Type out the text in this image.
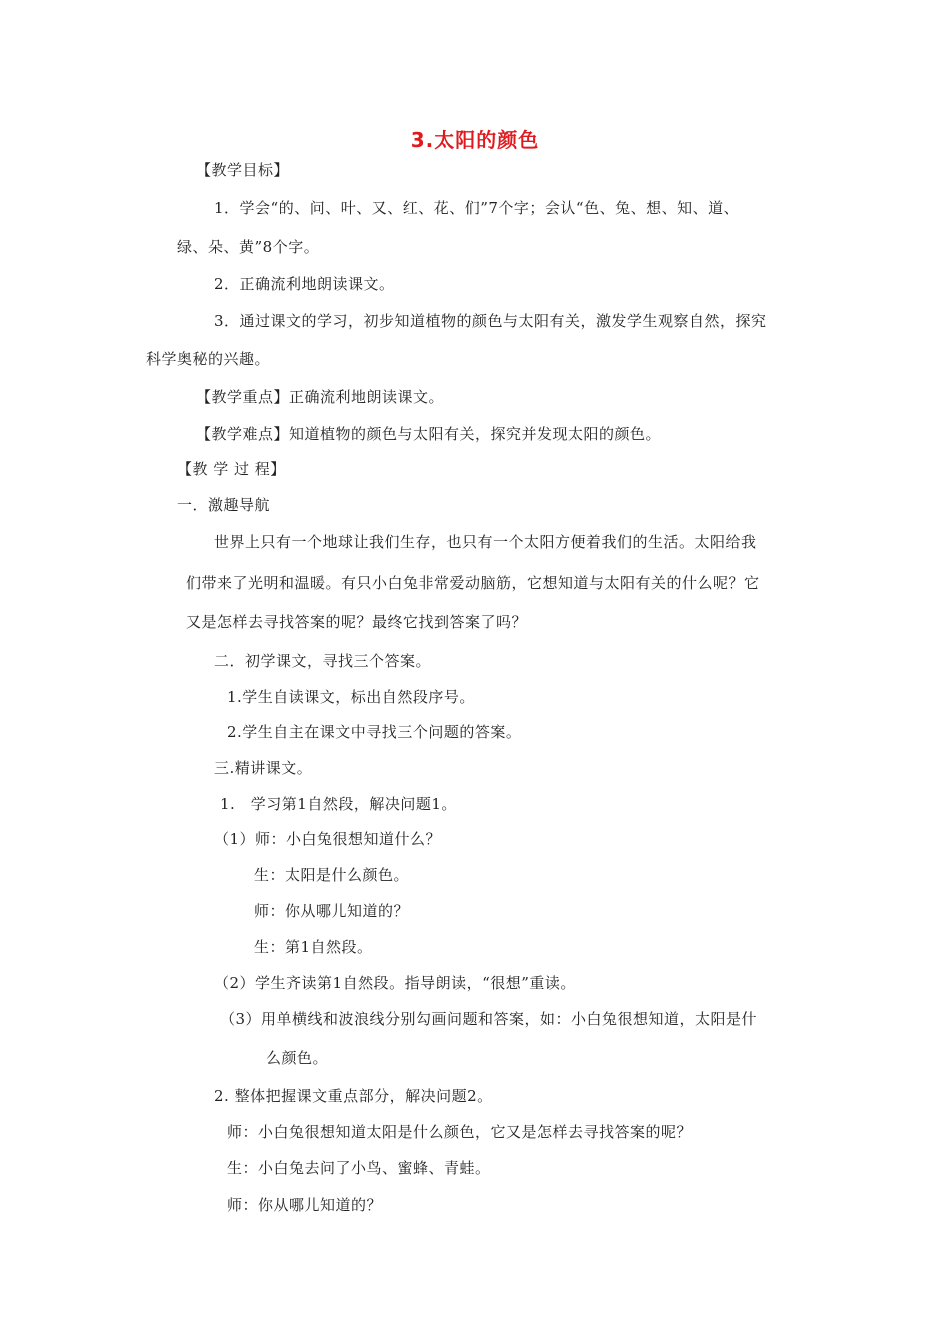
3.太阳的颜色
【教学目标】
1．学会“的、问、叶、又、红、花、们”7个字；会认“色、兔、想、知、道、
绿、朵、黄”8个字。
2．正确流利地朗读课文。
3．通过课文的学习，初步知道植物的颜色与太阳有关，激发学生观察自然，探究
科学奥秘的兴趣。
【教学重点】正确流利地朗读课文。
【教学难点】知道植物的颜色与太阳有关，探究并发现太阳的颜色。
【教 学 过 程】
一．激趣导航
世界上只有一个地球让我们生存，也只有一个太阳方便着我们的生活。太阳给我
们带来了光明和温暖。有只小白兔非常爱动脑筋，它想知道与太阳有关的什么呢？它
又是怎样去寻找答案的呢？最终它找到答案了吗？
二．初学课文，寻找三个答案。
1.学生自读课文，标出自然段序号。
2.学生自主在课文中寻找三个问题的答案。
三.精讲课文。
1.　学习第1自然段，解决问题1。
（1）师：小白兔很想知道什么？
生：太阳是什么颜色。
师：你从哪儿知道的？
生：第1自然段。
（2）学生齐读第1自然段。指导朗读，“很想”重读。
（3）用单横线和波浪线分别勾画问题和答案，如：小白兔很想知道，太阳是什
么颜色。
2. 整体把握课文重点部分，解决问题2。
师：小白兔很想知道太阳是什么颜色，它又是怎样去寻找答案的呢？
生：小白兔去问了小鸟、蜜蜂、青蛙。
师：你从哪儿知道的？
